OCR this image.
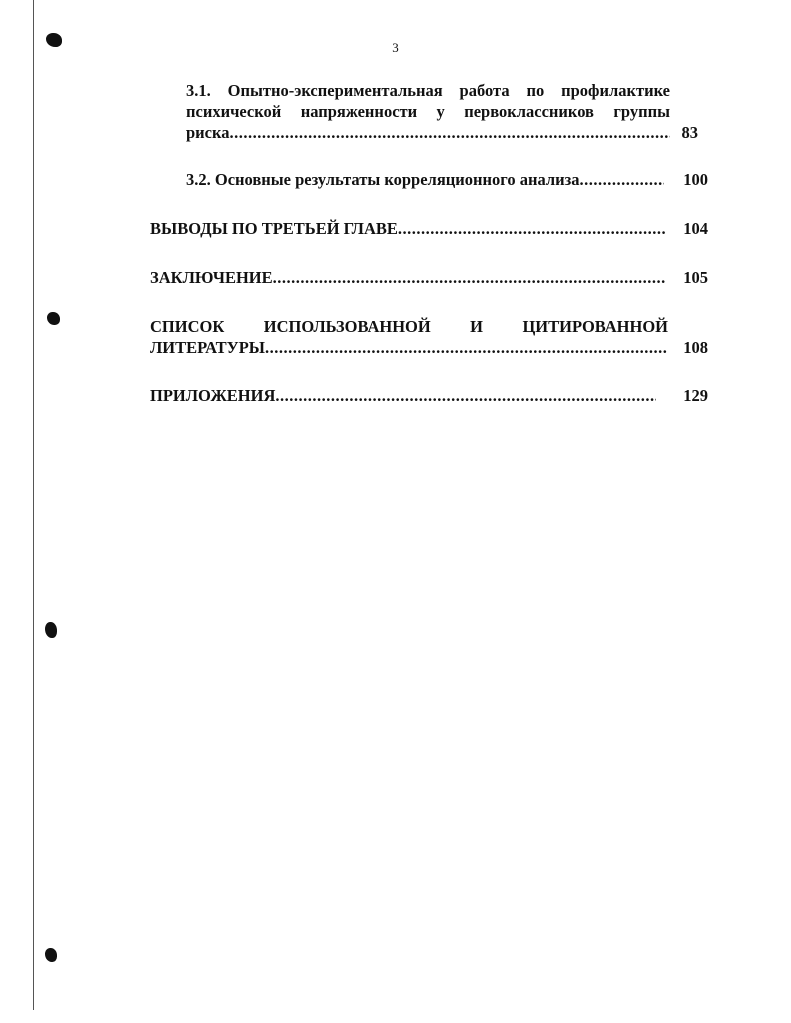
3
3.1. Опытно-экспериментальная работа по профилактике
психической напряженности у первоклассников группы
риска .....	83
3.2. Основные результаты корреляционного анализа .....	100
ВЫВОДЫ ПО ТРЕТЬЕЙ ГЛАВЕ .....	104
ЗАКЛЮЧЕНИЕ .....	105
СПИСОК ИСПОЛЬЗОВАННОЙ И ЦИТИРОВАННОЙ
ЛИТЕРАТУРЫ .....	108
ПРИЛОЖЕНИЯ .....	129
